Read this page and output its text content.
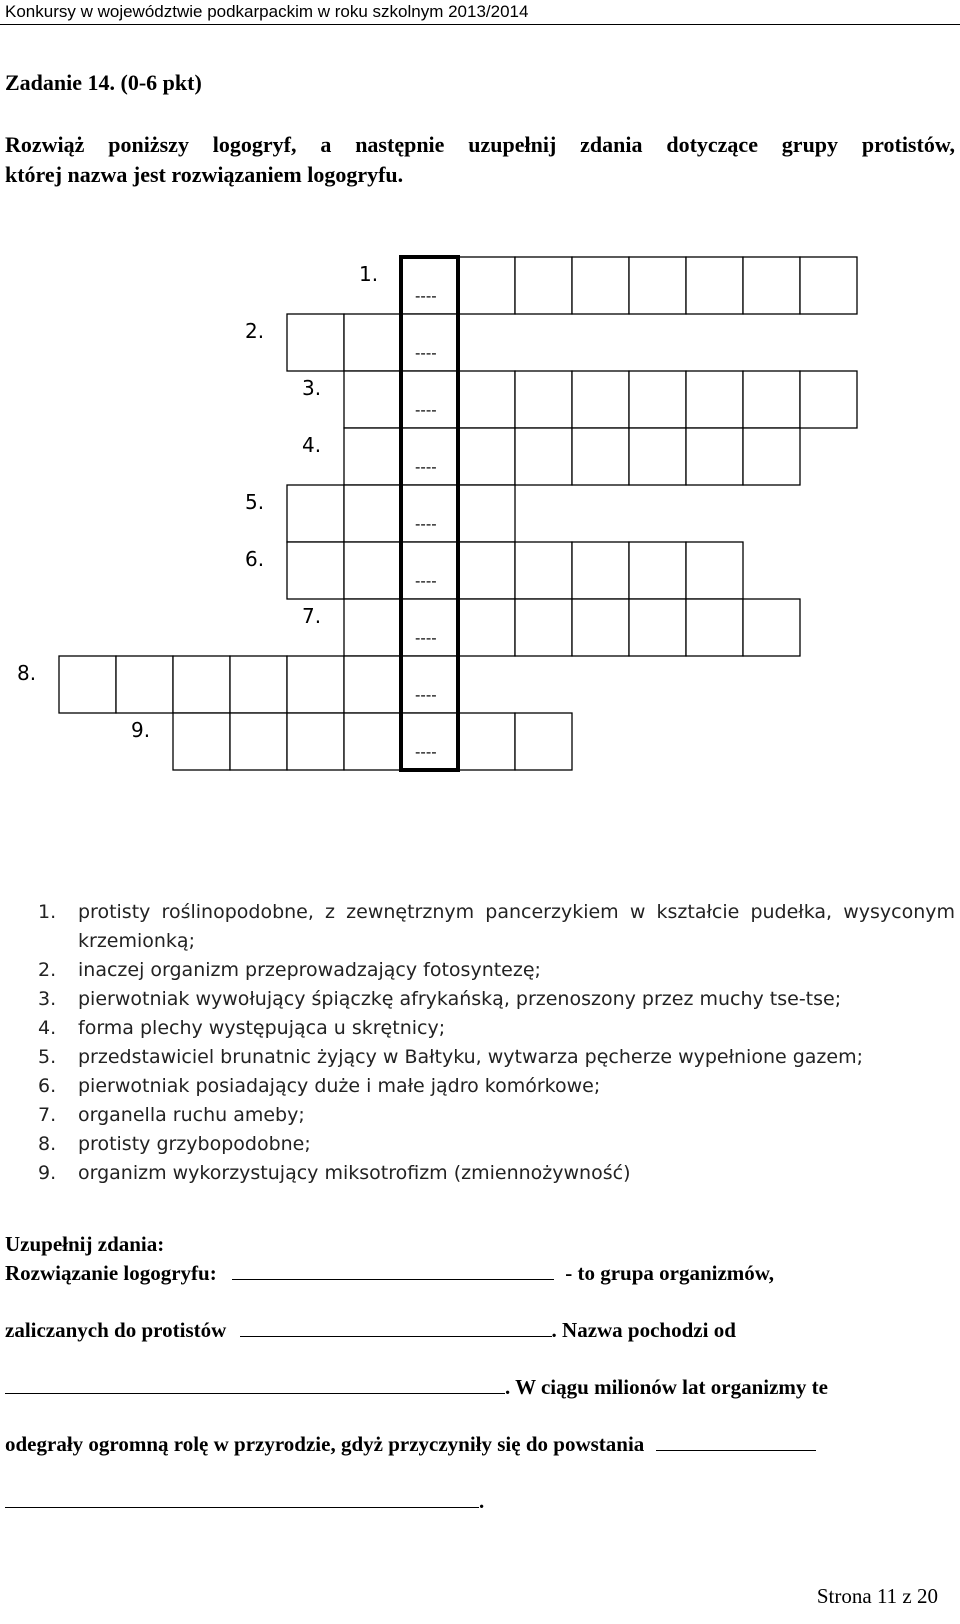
Konkursy w województwie podkarpackim w roku szkolnym 2013/2014
Zadanie 14. (0-6 pkt)
Rozwiąż poniższy logogryf, a następnie uzupełnij zdania dotyczące grupy protistów,
której nazwa jest rozwiązaniem logogryfu.
1.
----
2.
----
3.
----
4.
----
5.
----
6.
----
7.
----
8.
----
9.
----
1. protisty roślinopodobne, z zewnętrznym pancerzykiem w kształcie pudełka, wysyconym krzemionką;
2. inaczej organizm przeprowadzający fotosyntezę;
3. pierwotniak wywołujący śpiączkę afrykańską, przenoszony przez muchy tse-tse;
4. forma plechy występująca u skrętnicy;
5. przedstawiciel brunatnic żyjący w Bałtyku, wytwarza pęcherze wypełnione gazem;
6. pierwotniak posiadający duże i małe jądro komórkowe;
7. organella ruchu ameby;
8. protisty grzybopodobne;
9. organizm wykorzystujący miksotrofizm (zmiennożywność)
Uzupełnij zdania:
Rozwiązanie logogryfu:	- to grupa organizmów,
zaliczanych do protistów	. Nazwa pochodzi od
. W ciągu milionów lat organizmy te
odegrały ogromną rolę w przyrodzie, gdyż przyczyniły się do powstania
.
Strona 11 z 20
